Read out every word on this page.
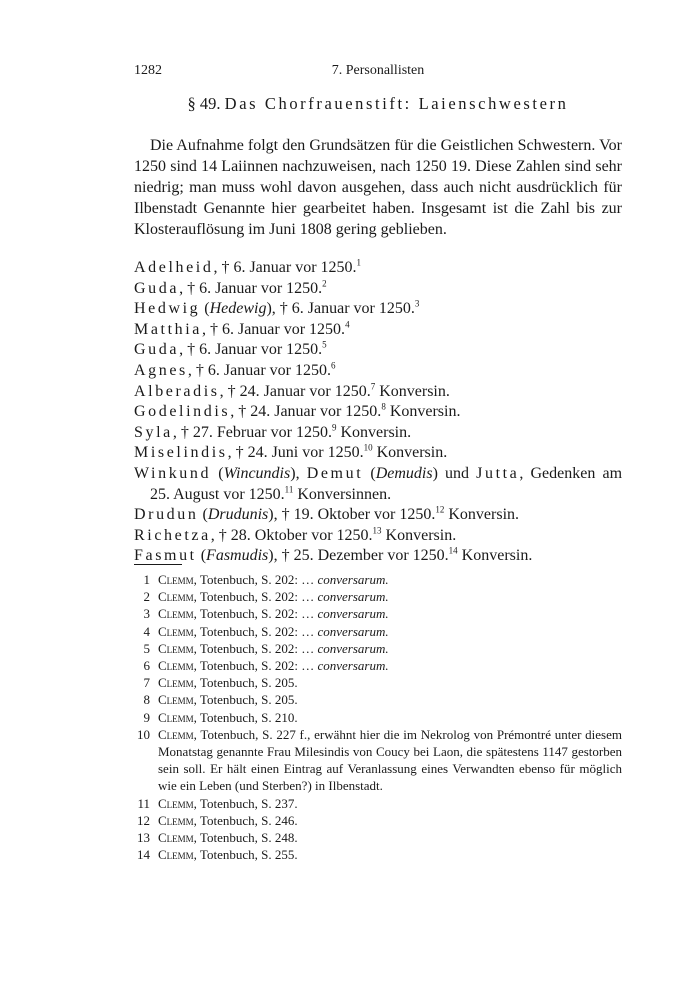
1282	7. Personallisten
§ 49. Das Chorfrauenstift: Laienschwestern

Die Aufnahme folgt den Grundsätzen für die Geistlichen Schwestern. Vor 1250 sind 14 Laiinnen nachzuweisen, nach 1250 19. Diese Zahlen sind sehr niedrig; man muss wohl davon ausgehen, dass auch nicht ausdrücklich für Ilbenstadt Genannte hier gearbeitet haben. Insgesamt ist die Zahl bis zur Klosterauflösung im Juni 1808 gering geblieben.

Adelheid, † 6. Januar vor 1250.$^1$

Guda, † 6. Januar vor 1250.$^2$

Hedwig (Hedewig), † 6. Januar vor 1250.$^3$

Matthia, † 6. Januar vor 1250.$^4$

Guda, † 6. Januar vor 1250.$^5$

Agnes, † 6. Januar vor 1250.$^6$

Alberadis, † 24. Januar vor 1250.$^7$ Konversin.

Godelindis, † 24. Januar vor 1250.$^8$ Konversin.

Syla, † 27. Februar vor 1250.$^9$ Konversin.

Miselindis, † 24. Juni vor 1250.10 Konversin.

Winkund (Wincundis), Demut (Demudis) und Jutta, Gedenken am 25. August vor 1250.11 Konversinnen.

Drudun (Drudunis), † 19. Oktober vor 1250.12 Konversin.

Richetza, † 28. Oktober vor 1250.13 Konversin.

Fasmut (Fasmudis), † 25. Dezember vor 1250.14 Konversin.

1 Clemm, Totenbuch, S. 202: … conversarum.
2 Clemm, Totenbuch, S. 202: … conversarum.
3 Clemm, Totenbuch, S. 202: … conversarum.
4 Clemm, Totenbuch, S. 202: … conversarum.
5 Clemm, Totenbuch, S. 202: … conversarum.
6 Clemm, Totenbuch, S. 202: … conversarum.
7 Clemm, Totenbuch, S. 205.
8 Clemm, Totenbuch, S. 205.
9 Clemm, Totenbuch, S. 210.
10 Clemm, Totenbuch, S. 227 f., erwähnt hier die im Nekrolog von Prémontré unter diesem Monatstag genannte Frau Milesindis von Coucy bei Laon, die spätestens 1147 gestorben sein soll. Er hält einen Eintrag auf Veranlassung eines Verwandten ebenso für möglich wie ein Leben (und Sterben?) in Ilbenstadt.
11 Clemm, Totenbuch, S. 237.
12 Clemm, Totenbuch, S. 246.
13 Clemm, Totenbuch, S. 248.
14 Clemm, Totenbuch, S. 255.
